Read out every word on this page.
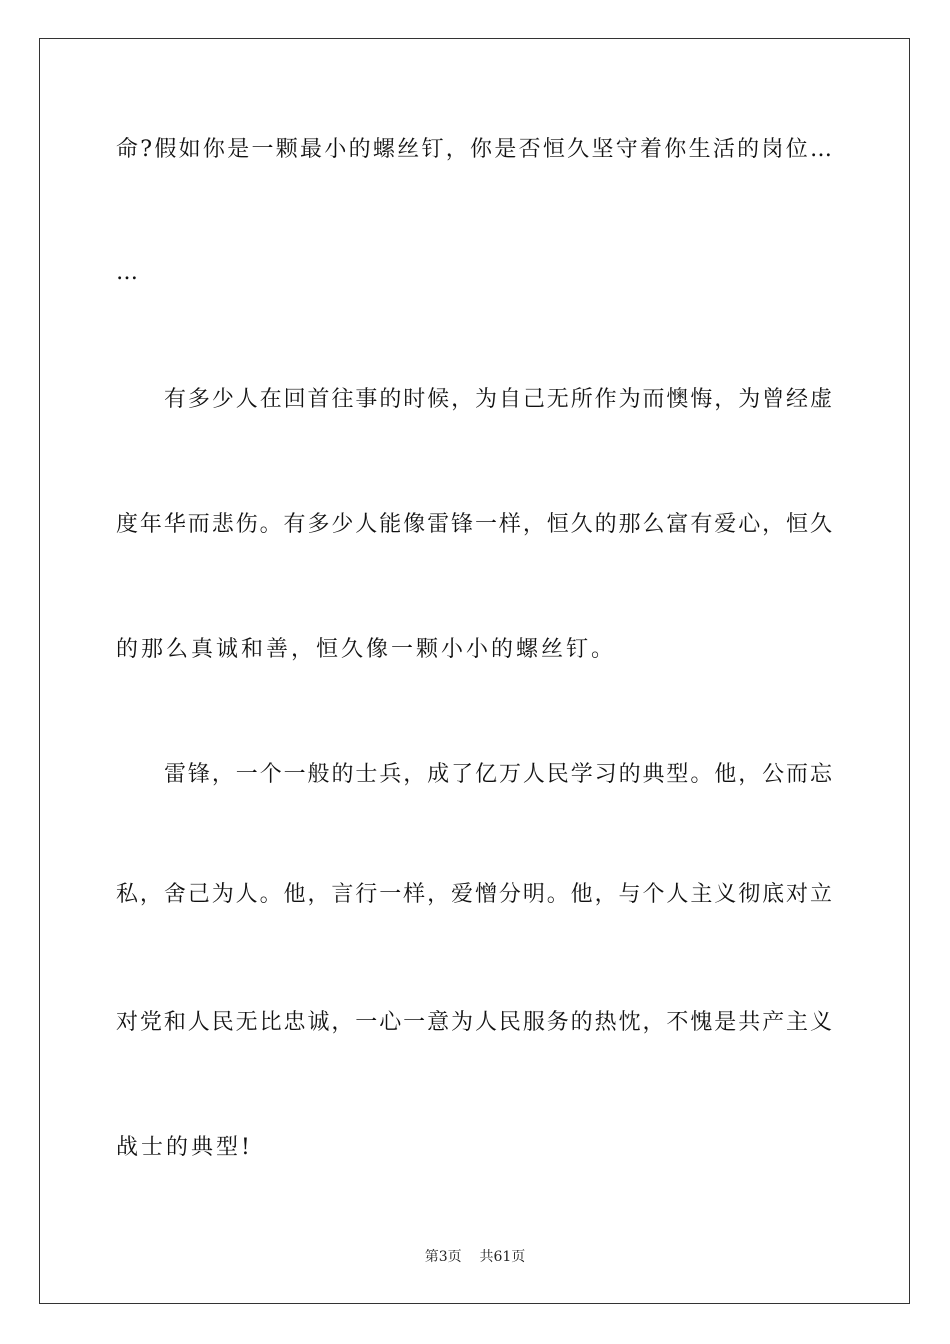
命?假如你是一颗最小的螺丝钉，你是否恒久坚守着你生活的岗位…
…
有多少人在回首往事的时候，为自己无所作为而懊悔，为曾经虚
度年华而悲伤。有多少人能像雷锋一样，恒久的那么富有爱心，恒久
的那么真诚和善，恒久像一颗小小的螺丝钉。
雷锋，一个一般的士兵，成了亿万人民学习的典型。他，公而忘
私，舍己为人。他，言行一样，爱憎分明。他，与个人主义彻底对立
对党和人民无比忠诚，一心一意为人民服务的热忱，不愧是共产主义
战士的典型!
第3页 共61页
